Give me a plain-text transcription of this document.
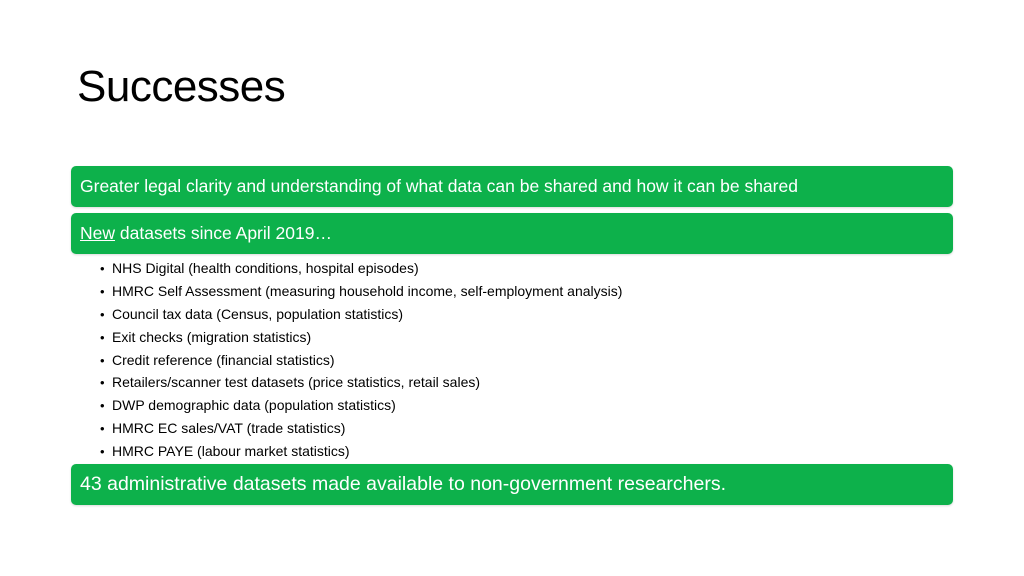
Successes
Greater legal clarity and understanding of what data can be shared and how it can be shared
New datasets since April 2019…
• NHS Digital (health conditions, hospital episodes)
• HMRC Self Assessment (measuring household income, self-employment analysis)
• Council tax data (Census, population statistics)
• Exit checks (migration statistics)
• Credit reference (financial statistics)
• Retailers/scanner test datasets (price statistics, retail sales)
• DWP demographic data (population statistics)
• HMRC EC sales/VAT (trade statistics)
• HMRC PAYE (labour market statistics)
43 administrative datasets made available to non-government researchers.
